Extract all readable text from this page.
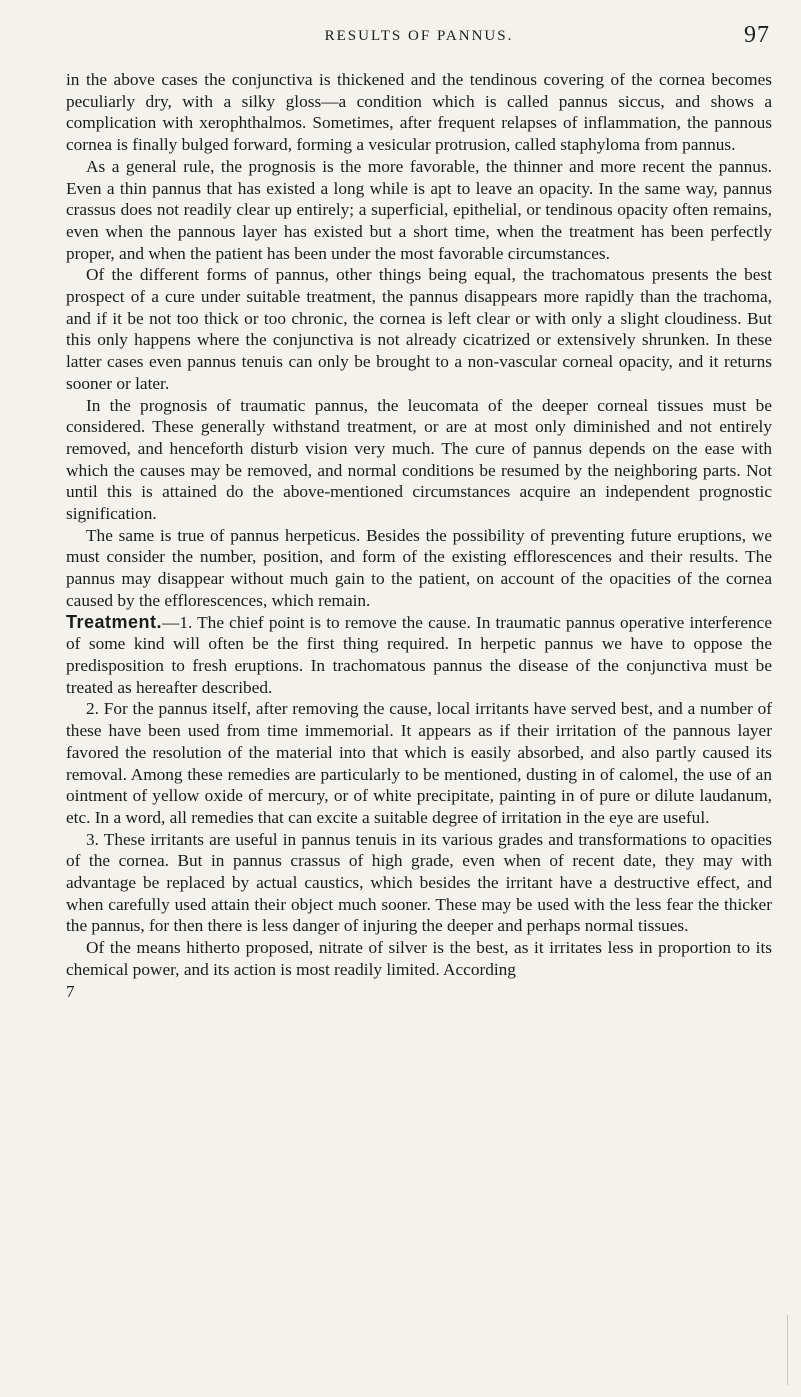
RESULTS OF PANNUS.	97

in the above cases the conjunctiva is thickened and the tendinous covering of the cornea becomes peculiarly dry, with a silky gloss—a condition which is called pannus siccus, and shows a complication with xerophthalmos. Sometimes, after frequent relapses of inflammation, the pannous cornea is finally bulged forward, forming a vesicular protrusion, called staphyloma from pannus.

As a general rule, the prognosis is the more favorable, the thinner and more recent the pannus. Even a thin pannus that has existed a long while is apt to leave an opacity. In the same way, pannus crassus does not readily clear up entirely; a superficial, epithelial, or tendinous opacity often remains, even when the pannous layer has existed but a short time, when the treatment has been perfectly proper, and when the patient has been under the most favorable circumstances.

Of the different forms of pannus, other things being equal, the trachomatous presents the best prospect of a cure under suitable treatment, the pannus disappears more rapidly than the trachoma, and if it be not too thick or too chronic, the cornea is left clear or with only a slight cloudiness. But this only happens where the conjunctiva is not already cicatrized or extensively shrunken. In these latter cases even pannus tenuis can only be brought to a non-vascular corneal opacity, and it returns sooner or later.

In the prognosis of traumatic pannus, the leucomata of the deeper corneal tissues must be considered. These generally withstand treatment, or are at most only diminished and not entirely removed, and henceforth disturb vision very much. The cure of pannus depends on the ease with which the causes may be removed, and normal conditions be resumed by the neighboring parts. Not until this is attained do the above-mentioned circumstances acquire an independent prognostic signification.

The same is true of pannus herpeticus. Besides the possibility of preventing future eruptions, we must consider the number, position, and form of the existing efflorescences and their results. The pannus may disappear without much gain to the patient, on account of the opacities of the cornea caused by the efflorescences, which remain.

Treatment.—1. The chief point is to remove the cause. In traumatic pannus operative interference of some kind will often be the first thing required. In herpetic pannus we have to oppose the predisposition to fresh eruptions. In trachomatous pannus the disease of the conjunctiva must be treated as hereafter described.

2. For the pannus itself, after removing the cause, local irritants have served best, and a number of these have been used from time immemorial. It appears as if their irritation of the pannous layer favored the resolution of the material into that which is easily absorbed, and also partly caused its removal. Among these remedies are particularly to be mentioned, dusting in of calomel, the use of an ointment of yellow oxide of mercury, or of white precipitate, painting in of pure or dilute laudanum, etc. In a word, all remedies that can excite a suitable degree of irritation in the eye are useful.

3. These irritants are useful in pannus tenuis in its various grades and transformations to opacities of the cornea. But in pannus crassus of high grade, even when of recent date, they may with advantage be replaced by actual caustics, which besides the irritant have a destructive effect, and when carefully used attain their object much sooner. These may be used with the less fear the thicker the pannus, for then there is less danger of injuring the deeper and perhaps normal tissues.

Of the means hitherto proposed, nitrate of silver is the best, as it irritates less in proportion to its chemical power, and its action is most readily limited. According

7
